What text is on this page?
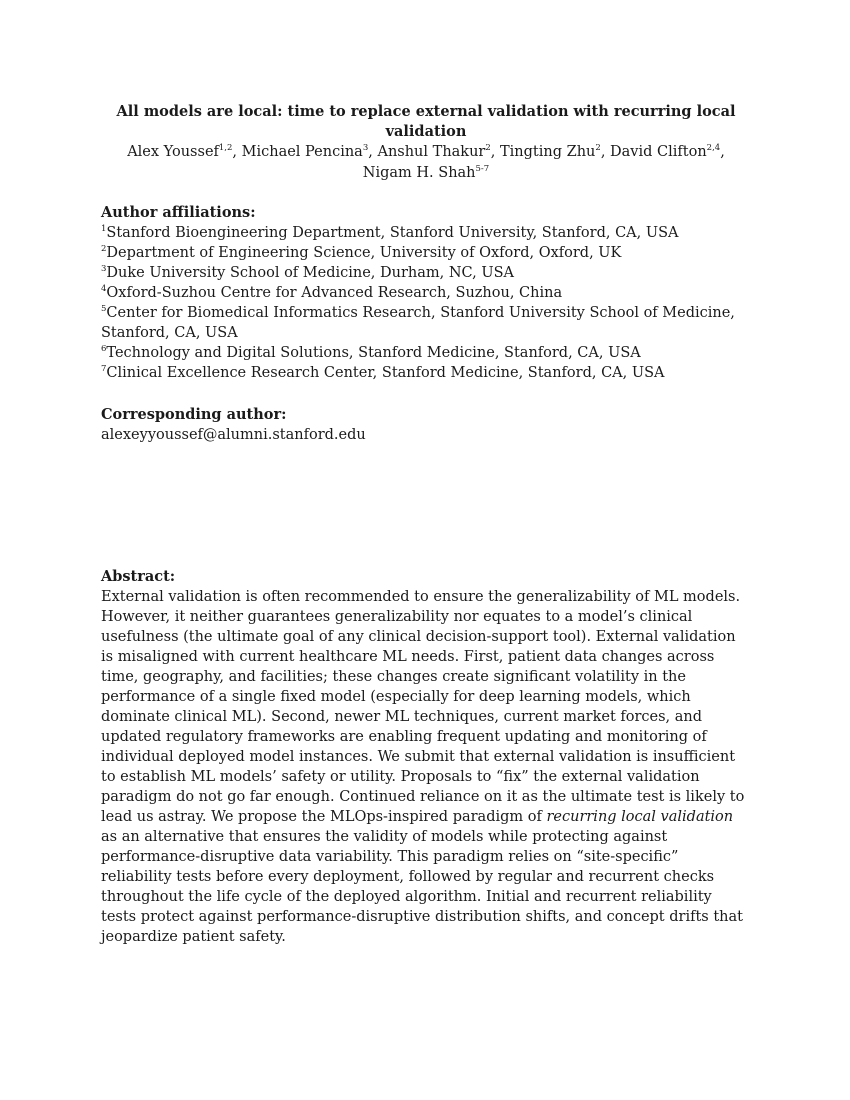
All models are local: time to replace external validation with recurring local validation
Alex Youssef$^{1,2}$, Michael Pencina$^3$, Anshul Thakur$^2$, Tingting Zhu$^2$, David Clifton$^{2,4}$, Nigam H. Shah$^{5-7}$
Author affiliations:
$^1$Stanford Bioengineering Department, Stanford University, Stanford, CA, USA
$^2$Department of Engineering Science, University of Oxford, Oxford, UK
$^3$Duke University School of Medicine, Durham, NC, USA
$^4$Oxford-Suzhou Centre for Advanced Research, Suzhou, China
$^5$Center for Biomedical Informatics Research, Stanford University School of Medicine, Stanford, CA, USA
$^6$Technology and Digital Solutions, Stanford Medicine, Stanford, CA, USA
$^7$Clinical Excellence Research Center, Stanford Medicine, Stanford, CA, USA
Corresponding author:
alexeyyoussef@alumni.stanford.edu
Abstract:
External validation is often recommended to ensure the generalizability of ML models. However, it neither guarantees generalizability nor equates to a model’s clinical usefulness (the ultimate goal of any clinical decision-support tool). External validation is misaligned with current healthcare ML needs. First, patient data changes across time, geography, and facilities; these changes create significant volatility in the performance of a single fixed model (especially for deep learning models, which dominate clinical ML). Second, newer ML techniques, current market forces, and updated regulatory frameworks are enabling frequent updating and monitoring of individual deployed model instances. We submit that external validation is insufficient to establish ML models’ safety or utility. Proposals to “fix” the external validation paradigm do not go far enough. Continued reliance on it as the ultimate test is likely to lead us astray. We propose the MLOps-inspired paradigm of recurring local validation as an alternative that ensures the validity of models while protecting against performance-disruptive data variability. This paradigm relies on “site-specific” reliability tests before every deployment, followed by regular and recurrent checks throughout the life cycle of the deployed algorithm. Initial and recurrent reliability tests protect against performance-disruptive distribution shifts, and concept drifts that jeopardize patient safety.
